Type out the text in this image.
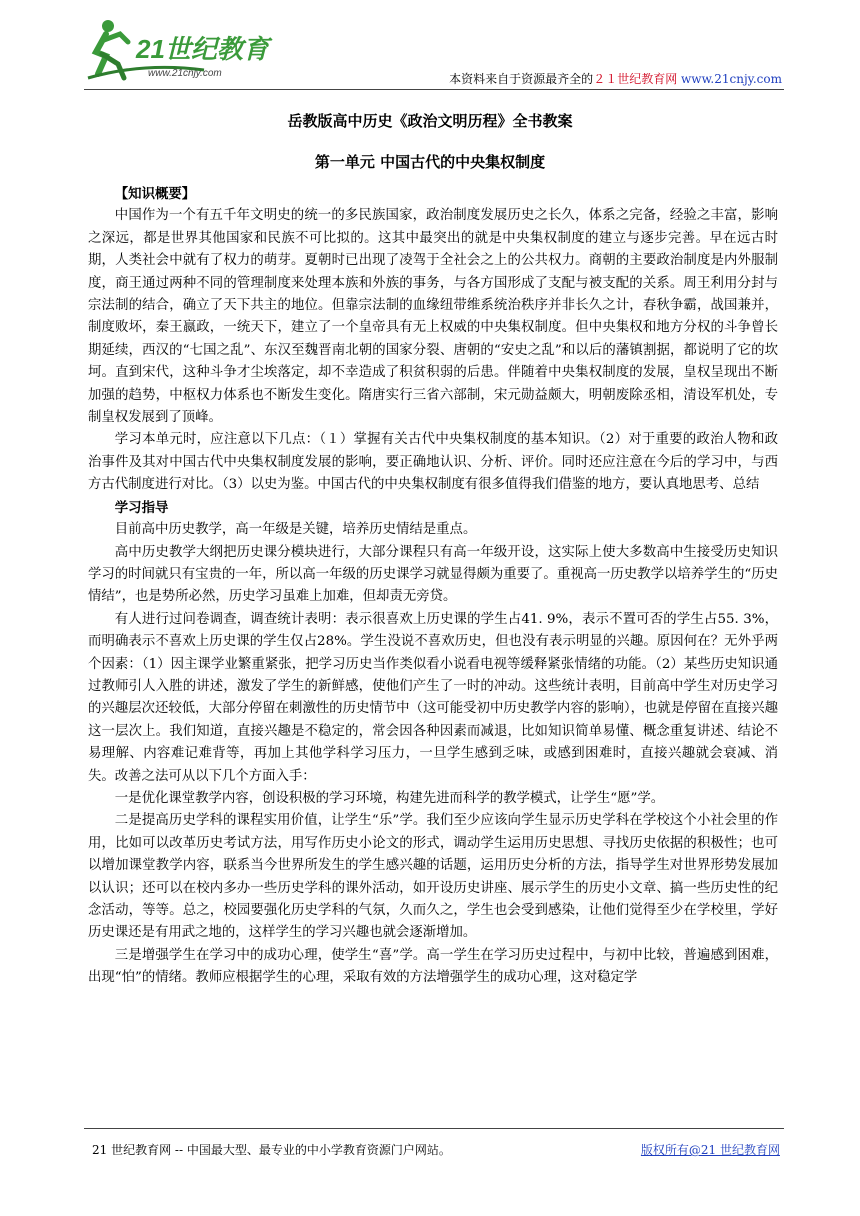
21世纪教育
www.21cnjy.com	本资料来自于资源最齐全的２１世纪教育网 www.21cnjy.com
岳教版高中历史《政治文明历程》全书教案
第一单元 中国古代的中央集权制度

【知识概要】

中国作为一个有五千年文明史的统一的多民族国家，政治制度发展历史之长久，体系之完备，经验之丰富，影响之深远，都是世界其他国家和民族不可比拟的。这其中最突出的就是中央集权制度的建立与逐步完善。早在远古时期，人类社会中就有了权力的萌芽。夏朝时已出现了凌驾于全社会之上的公共权力。商朝的主要政治制度是内外服制度，商王通过两种不同的管理制度来处理本族和外族的事务，与各方国形成了支配与被支配的关系。周王利用分封与宗法制的结合，确立了天下共主的地位。但靠宗法制的血缘纽带维系统治秩序并非长久之计，春秋争霸，战国兼并，制度败坏，秦王嬴政，一统天下，建立了一个皇帝具有无上权威的中央集权制度。但中央集权和地方分权的斗争曾长期延续，西汉的“七国之乱”、东汉至魏晋南北朝的国家分裂、唐朝的“安史之乱”和以后的藩镇割据，都说明了它的坎坷。直到宋代，这种斗争才尘埃落定，却不幸造成了积贫积弱的后患。伴随着中央集权制度的发展，皇权呈现出不断加强的趋势，中枢权力体系也不断发生变化。隋唐实行三省六部制，宋元勋益颇大，明朝废除丞相，清设军机处，专制皇权发展到了顶峰。

学习本单元时，应注意以下几点：（１）掌握有关古代中央集权制度的基本知识。（2）对于重要的政治人物和政治事件及其对中国古代中央集权制度发展的影响，要正确地认识、分析、评价。同时还应注意在今后的学习中，与西方古代制度进行对比。（3）以史为鉴。中国古代的中央集权制度有很多值得我们借鉴的地方，要认真地思考、总结

学习指导

目前高中历史教学，高一年级是关键，培养历史情结是重点。

高中历史教学大纲把历史课分模块进行，大部分课程只有高一年级开设，这实际上使大多数高中生接受历史知识学习的时间就只有宝贵的一年，所以高一年级的历史课学习就显得颇为重要了。重视高一历史教学以培养学生的“历史情结”，也是势所必然，历史学习虽难上加难，但却责无旁贷。

有人进行过问卷调查，调查统计表明：表示很喜欢上历史课的学生占41. 9%，表示不置可否的学生占55. 3%，而明确表示不喜欢上历史课的学生仅占28%。学生没说不喜欢历史，但也没有表示明显的兴趣。原因何在？无外乎两个因素：（1）因主课学业繁重紧张，把学习历史当作类似看小说看电视等缓释紧张情绪的功能。（2）某些历史知识通过教师引人入胜的讲述，激发了学生的新鲜感，使他们产生了一时的冲动。这些统计表明，目前高中学生对历史学习的兴趣层次还较低，大部分停留在刺激性的历史情节中（这可能受初中历史教学内容的影响），也就是停留在直接兴趣这一层次上。我们知道，直接兴趣是不稳定的，常会因各种因素而减退，比如知识简单易懂、概念重复讲述、结论不易理解、内容难记难背等，再加上其他学科学习压力，一旦学生感到乏味，或感到困难时，直接兴趣就会衰减、消失。改善之法可从以下几个方面入手：

一是优化课堂教学内容，创设积极的学习环境，构建先进而科学的教学模式，让学生“愿”学。

二是提高历史学科的课程实用价值，让学生“乐”学。我们至少应该向学生显示历史学科在学校这个小社会里的作用，比如可以改革历史考试方法，用写作历史小论文的形式，调动学生运用历史思想、寻找历史依据的积极性；也可以增加课堂教学内容，联系当今世界所发生的学生感兴趣的话题，运用历史分析的方法，指导学生对世界形势发展加以认识；还可以在校内多办一些历史学科的课外活动，如开设历史讲座、展示学生的历史小文章、搞一些历史性的纪念活动，等等。总之，校园要强化历史学科的气氛，久而久之，学生也会受到感染，让他们觉得至少在学校里，学好历史课还是有用武之地的，这样学生的学习兴趣也就会逐渐增加。

三是增强学生在学习中的成功心理，使学生“喜”学。高一学生在学习历史过程中，与初中比较，普遍感到困难，出现“怕”的情绪。教师应根据学生的心理，采取有效的方法增强学生的成功心理，这对稳定学

21 世纪教育网 -- 中国最大型、最专业的中小学教育资源门户网站。	版权所有@21 世纪教育网
